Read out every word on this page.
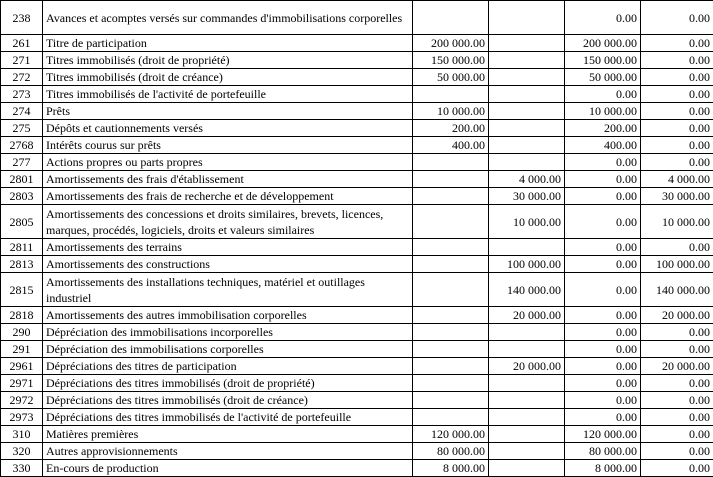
238	Avances et acomptes versés sur commandes d'immobilisations corporelles			0.00	0.00
261	Titre de participation	200 000.00		200 000.00	0.00
271	Titres immobilisés (droit de propriété)	150 000.00		150 000.00	0.00
272	Titres immobilisés (droit de créance)	50 000.00		50 000.00	0.00
273	Titres immobilisés de l'activité de portefeuille			0.00	0.00
274	Prêts	10 000.00		10 000.00	0.00
275	Dépôts et cautionnements versés	200.00		200.00	0.00
2768	Intérêts courus sur prêts	400.00		400.00	0.00
277	Actions propres ou parts propres			0.00	0.00
2801	Amortissements des frais d'établissement		4 000.00	0.00	4 000.00
2803	Amortissements des frais de recherche et de développement		30 000.00	0.00	30 000.00
2805	Amortissements des concessions et droits similaires, brevets, licences, marques, procédés, logiciels, droits et valeurs similaires		10 000.00	0.00	10 000.00
2811	Amortissements des terrains			0.00	0.00
2813	Amortissements des constructions		100 000.00	0.00	100 000.00
2815	Amortissements des installations techniques, matériel et outillages industriel		140 000.00	0.00	140 000.00
2818	Amortissements des autres immobilisation corporelles		20 000.00	0.00	20 000.00
290	Dépréciation des immobilisations incorporelles			0.00	0.00
291	Dépréciation des immobilisations corporelles			0.00	0.00
2961	Dépréciations des titres de participation		20 000.00	0.00	20 000.00
2971	Dépréciations des titres immobilisés (droit de propriété)			0.00	0.00
2972	Dépréciations des titres immobilisés (droit de créance)			0.00	0.00
2973	Dépréciations des titres immobilisés de l'activité de portefeuille			0.00	0.00
310	Matières premières	120 000.00		120 000.00	0.00
320	Autres approvisionnements	80 000.00		80 000.00	0.00
330	En-cours de production	8 000.00		8 000.00	0.00
